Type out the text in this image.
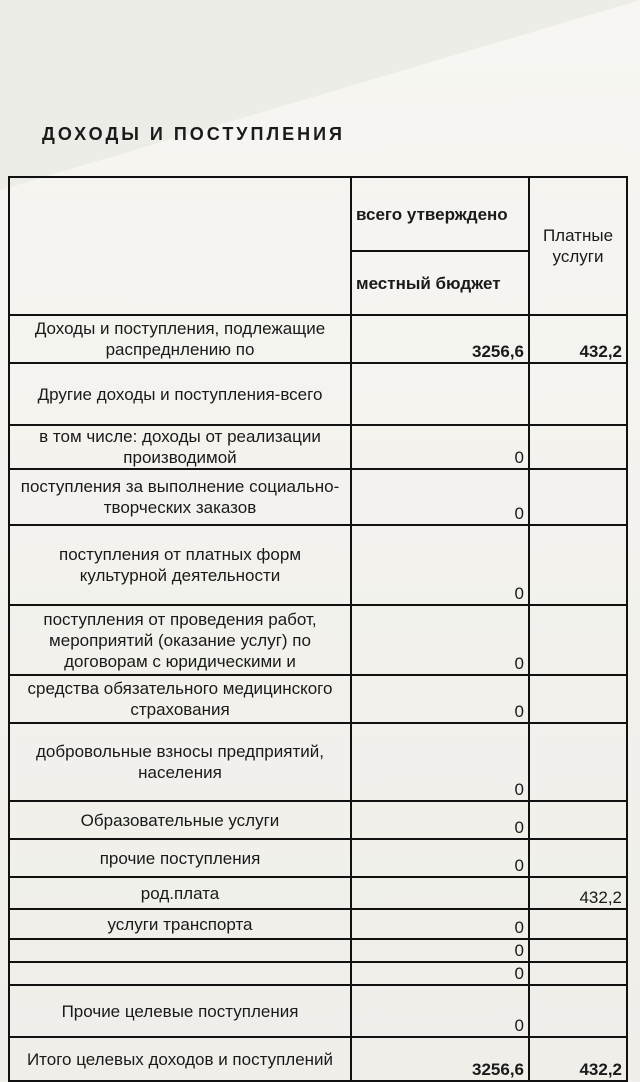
ДОХОДЫ И ПОСТУПЛЕНИЯ
	всего утверждено	Платные услуги
	местный бюджет	
Доходы и поступления, подлежащие распреднлению по	3256,6	432,2
Другие доходы и поступления-всего		
в том числе: доходы от реализации производимой	0	
поступления за выполнение социально-творческих заказов	0	
поступления от платных форм культурной деятельности	0	
поступления от проведения работ, мероприятий (оказание услуг) по договорам с юридическими и	0	
средства обязательного медицинского страхования	0	
добровольные взносы предприятий, населения	0	
Образовательные услуги	0	
прочие поступления	0	
род.плата		432,2
услуги транспорта	0	
	0	
	0	
Прочие целевые поступления	0	
Итого целевых доходов и поступлений	3256,6	432,2
